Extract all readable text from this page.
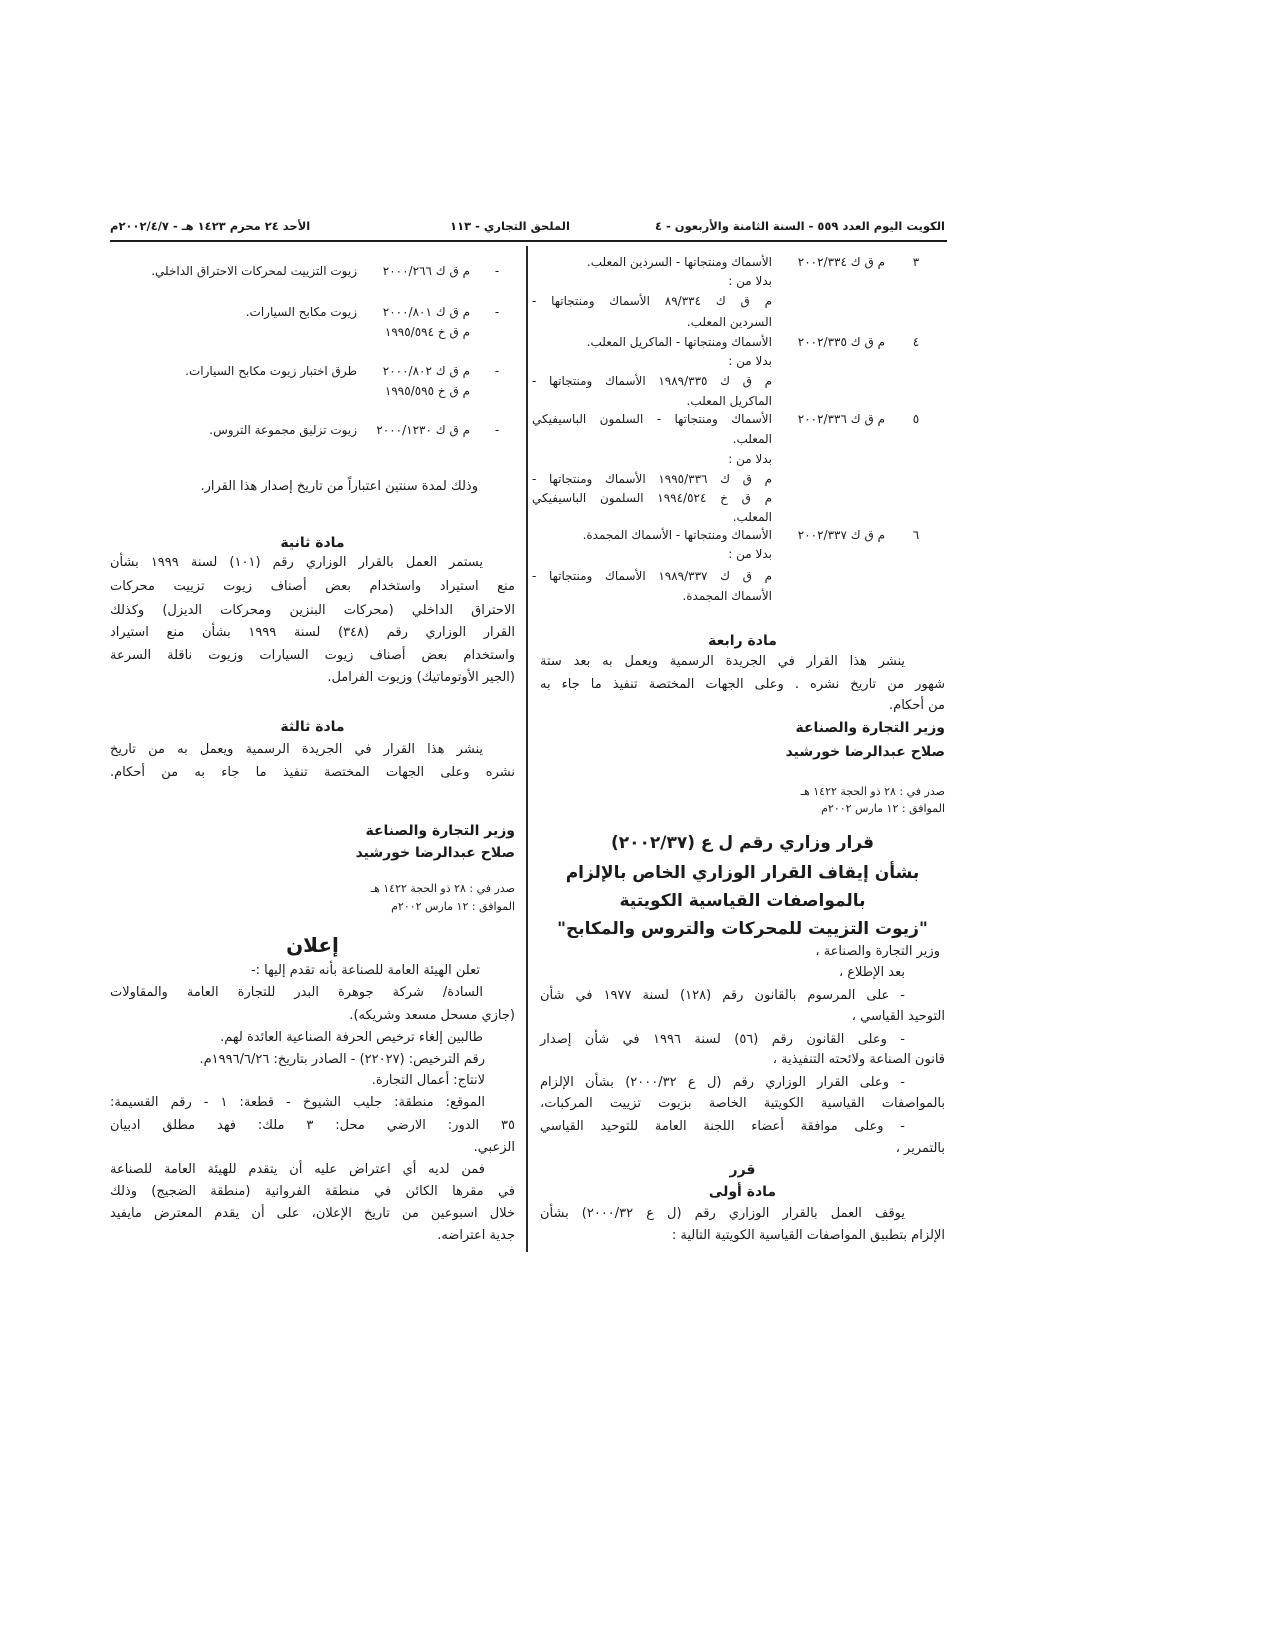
الكويت اليوم العدد ٥٥٩ - السنة الثامنة والأربعون - ٤
الملحق التجاري - ١١٣
الأحد ٢٤ محرم ١٤٢٣ هـ - ٢٠٠٢/٤/٧م
٣
م ق ك ٢٠٠٢/٣٣٤
الأسماك ومنتجاتها - السردين المعلب.
بدلا من :
م ق ك ٨٩/٣٣٤ الأسماك ومنتجاتها -
السردين المعلب.
٤
م ق ك ٢٠٠٢/٣٣٥
الأسماك ومنتجاتها - الماكريل المعلب.
بدلا من :
م ق ك ١٩٨٩/٣٣٥ الأسماك ومنتجاتها -
الماكريل المعلب.
٥
م ق ك ٢٠٠٢/٣٣٦
الأسماك ومنتجاتها - السلمون الباسيفيكي
المعلب.
بدلا من :
م ق ك ١٩٩٥/٣٣٦ الأسماك ومنتجاتها -
م ق خ ١٩٩٤/٥٢٤ السلمون الباسيفيكي
المعلب.
٦
م ق ك ٢٠٠٢/٣٣٧
الأسماك ومنتجاتها - الأسماك المجمدة.
بدلا من :
م ق ك ١٩٨٩/٣٣٧ الأسماك ومنتجاتها -
الأسماك المجمدة.
مادة رابعة
ينشر هذا القرار في الجريدة الرسمية ويعمل به بعد ستة
شهور من تاريخ نشره . وعلى الجهات المختصة تنفيذ ما جاء به
من أحكام.
وزير التجارة والصناعة
صلاح عبدالرضا خورشيد
صدر في : ٢٨ ذو الحجة ١٤٢٢ هـ
الموافق : ١٢ مارس ٢٠٠٢م
قرار وزاري رقم ل ع (٢٠٠٢/٣٧)
بشأن إيقاف القرار الوزاري الخاص بالإلزام
بالمواصفات القياسية الكويتية
"زيوت التزييت للمحركات والتروس والمكابح"
وزير التجارة والصناعة ،
بعد الإطلاع ،
- على المرسوم بالقانون رقم (١٢٨) لسنة ١٩٧٧ في شأن
التوحيد القياسي ،
- وعلى القانون رقم (٥٦) لسنة ١٩٩٦ في شأن إصدار
قانون الصناعة ولائحته التنفيذية ،
- وعلى القرار الوزاري رقم (ل ع ٢٠٠٠/٣٢) بشأن الإلزام
بالمواصفات القياسية الكويتية الخاصة بزيوت تزييت المركبات،
- وعلى موافقة أعضاء اللجنة العامة للتوحيد القياسي
بالتمرير ،
قرر
مادة أولى
يوقف العمل بالقرار الوزاري رقم (ل ع ٢٠٠٠/٣٢) بشأن
الإلزام بتطبيق المواصفات القياسية الكويتية التالية :
-
م ق ك ٢٠٠٠/٢٦٦
زيوت التزييت لمحركات الاحتراق الداخلي.
-
م ق ك ٢٠٠٠/٨٠١
زيوت مكابح السيارات.
م ق خ ١٩٩٥/٥٩٤
-
م ق ك ٢٠٠٠/٨٠٢
طرق اختبار زيوت مكابح السيارات.
م ق خ ١٩٩٥/٥٩٥
-
م ق ك ٢٠٠٠/١٢٣٠
زيوت تزليق مجموعة التروس.
وذلك لمدة سنتين اعتباراً من تاريخ إصدار هذا القرار.
مادة ثانية
يستمر العمل بالقرار الوزاري رقم (١٠١) لسنة ١٩٩٩ بشأن
منع استيراد واستخدام بعض أصناف زيوت تزييت محركات
الاحتراق الداخلي (محركات البنزين ومحركات الديزل) وكذلك
القرار الوزاري رقم (٣٤٨) لسنة ١٩٩٩ بشأن منع استيراد
واستخدام بعض أصناف زيوت السيارات وزيوت ناقلة السرعة
(الجير الأوتوماتيك) وزيوت الفرامل.
مادة ثالثة
ينشر هذا القرار في الجريدة الرسمية ويعمل به من تاريخ
نشره وعلى الجهات المختصة تنفيذ ما جاء به من أحكام.
وزير التجارة والصناعة
صلاح عبدالرضا خورشيد
صدر في : ٢٨ ذو الحجة ١٤٢٢ هـ
الموافق : ١٢ مارس ٢٠٠٢م
إعلان
تعلن الهيئة العامة للصناعة بأنه تقدم إليها :-
السادة/ شركة جوهرة البدر للتجارة العامة والمقاولات
(جازي مسحل مسعد وشريكه).
طالبين إلغاء ترخيص الحرفة الصناعية العائدة لهم.
رقم الترخيص: (٢٢٠٢٧) - الصادر بتاريخ: ١٩٩٦/٦/٢٦م.
لانتاج: أعمال التجارة.
الموقع: منطقة: جليب الشيوخ - قطعة: ١ - رقم القسيمة:
٣٥ الدور: الارضي محل: ٣ ملك: فهد مطلق ادبيان
الزعبي.
فمن لديه أي اعتراض عليه أن يتقدم للهيئة العامة للصناعة
في مقرها الكائن في منطقة الفروانية (منطقة الضجيج) وذلك
خلال اسبوعين من تاريخ الإعلان، على أن يقدم المعترض مايفيد
جدية اعتراضه.
